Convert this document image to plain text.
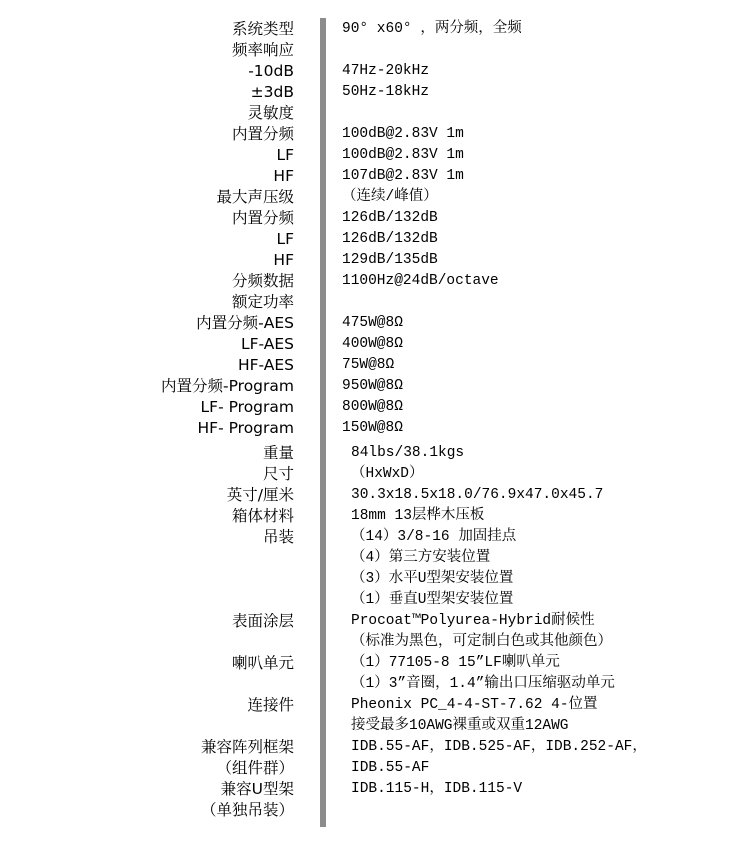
系统类型	90° x60° ，两分频，全频
频率响应
-10dB	47Hz-20kHz
±3dB	50Hz-18kHz
灵敏度
内置分频	100dB@2.83V 1m
LF	100dB@2.83V 1m
HF	107dB@2.83V 1m
最大声压级	（连续/峰值）
内置分频	126dB/132dB
LF	126dB/132dB
HF	129dB/135dB
分频数据	1100Hz@24dB/octave
额定功率
内置分频-AES	475W@8Ω
LF-AES	400W@8Ω
HF-AES	75W@8Ω
内置分频-Program	950W@8Ω
LF- Program	800W@8Ω
HF- Program	150W@8Ω
重量	84lbs/38.1kgs
尺寸	（HxWxD）
英寸/厘米	30.3x18.5x18.0/76.9x47.0x45.7
箱体材料	18mm 13层桦木压板
吊装	（14）3/8-16 加固挂点
（4）第三方安装位置
（3）水平U型架安装位置
（1）垂直U型架安装位置
表面涂层	Procoat™Polyurea-Hybrid耐候性
（标准为黑色，可定制白色或其他颜色）
喇叭单元	（1）77105-8 15”LF喇叭单元
（1）3”音圈，1.4”输出口压缩驱动单元
连接件	Pheonix PC_4-4-ST-7.62 4-位置
接受最多10AWG裸重或双重12AWG
兼容阵列框架	IDB.55-AF，IDB.525-AF，IDB.252-AF，
（组件群）	IDB.55-AF
兼容U型架	IDB.115-H，IDB.115-V
（单独吊装）
